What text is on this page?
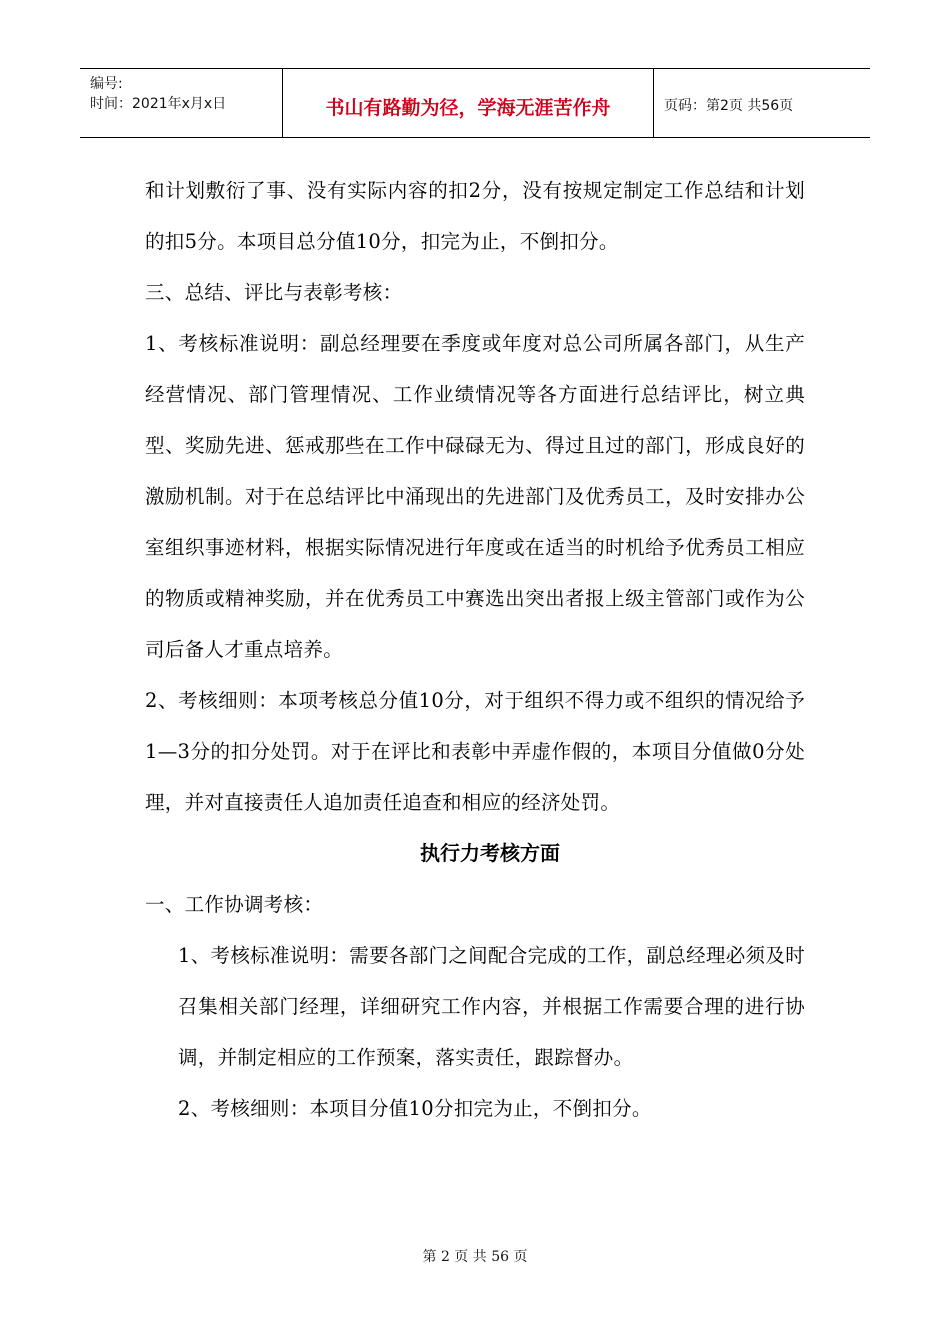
编号:
时间：2021年x月x日	书山有路勤为径，学海无涯苦作舟	页码：第2页 共56页

和计划敷衍了事、没有实际内容的扣2分，没有按规定制定工作总结和计划的扣5分。本项目总分值10分，扣完为止，不倒扣分。

三、总结、评比与表彰考核：

1、考核标准说明：副总经理要在季度或年度对总公司所属各部门，从生产经营情况、部门管理情况、工作业绩情况等各方面进行总结评比，树立典型、奖励先进、惩戒那些在工作中碌碌无为、得过且过的部门，形成良好的激励机制。对于在总结评比中涌现出的先进部门及优秀员工，及时安排办公室组织事迹材料，根据实际情况进行年度或在适当的时机给予优秀员工相应的物质或精神奖励，并在优秀员工中赛选出突出者报上级主管部门或作为公司后备人才重点培养。

2、考核细则：本项考核总分值10分，对于组织不得力或不组织的情况给予1—3分的扣分处罚。对于在评比和表彰中弄虚作假的，本项目分值做0分处理，并对直接责任人追加责任追查和相应的经济处罚。

执行力考核方面

一、工作协调考核：

1、考核标准说明：需要各部门之间配合完成的工作，副总经理必须及时召集相关部门经理，详细研究工作内容，并根据工作需要合理的进行协调，并制定相应的工作预案，落实责任，跟踪督办。

2、考核细则：本项目分值10分扣完为止，不倒扣分。

第 2 页 共 56 页
